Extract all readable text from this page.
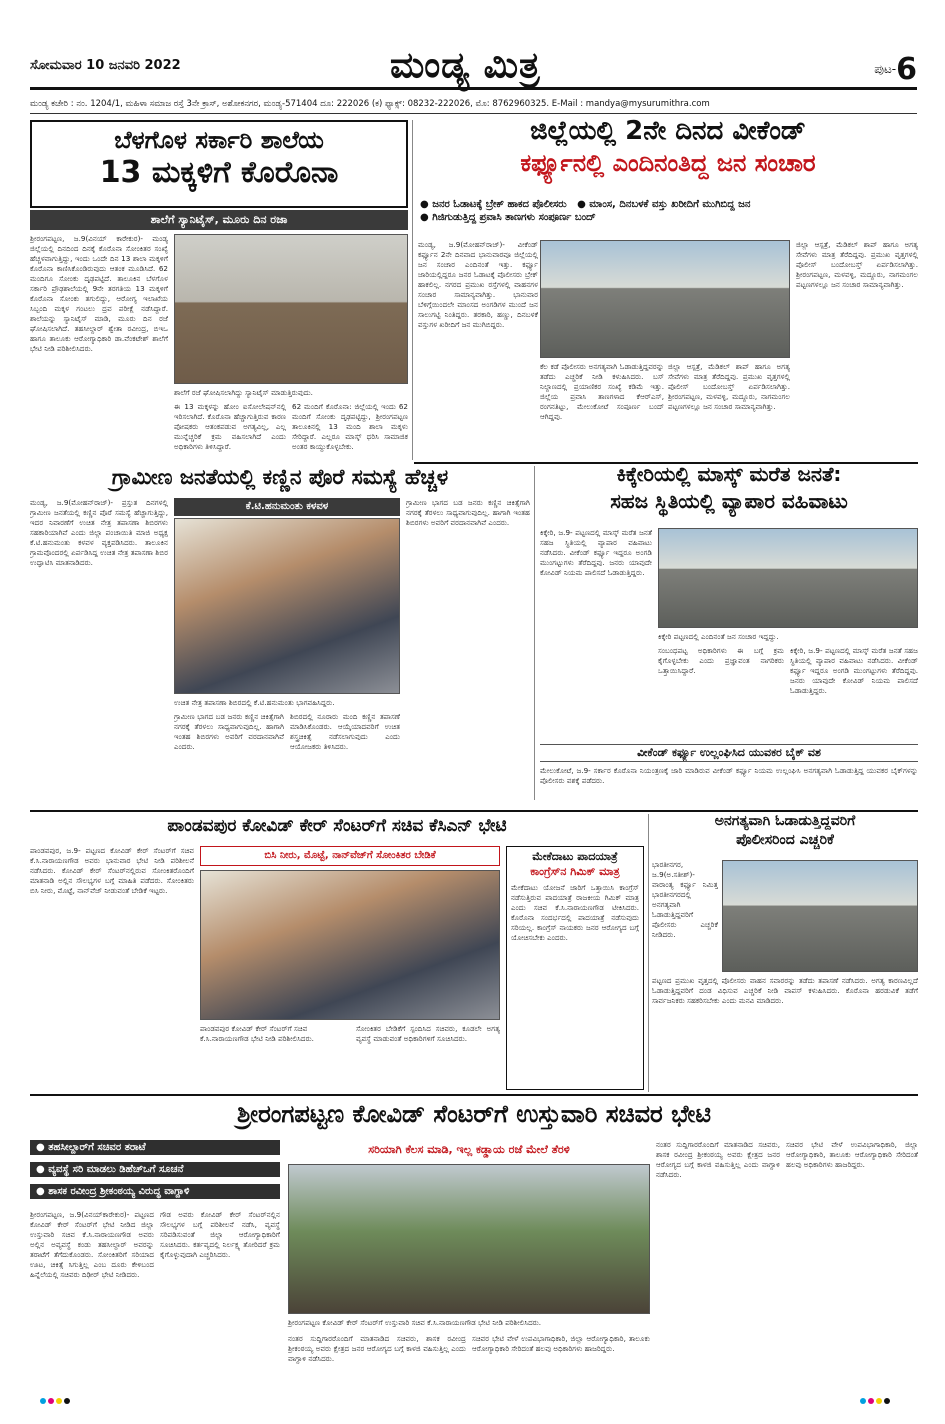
ಸೋಮವಾರ 10 ಜನವರಿ 2022	ಮಂಡ್ಯ ಮಿತ್ರ	ಪುಟ-6
ಮಂಡ್ಯ ಕಚೇರಿ : ನಂ. 1204/1, ಮಹಿಳಾ ಸಮಾಜ ರಸ್ತೆ 3ನೇ ಕ್ರಾಸ್, ಅಶೋಕನಗರ, ಮಂಡ್ಯ-571404 ದೂ: 222026 (ಕ) ಫ್ಯಾಕ್ಸ್: 08232-222026, ಮೊ: 8762960325. E-Mail : mandya@mysurumithra.com
ಬೆಳಗೊಳ ಸರ್ಕಾರಿ ಶಾಲೆಯ
13 ಮಕ್ಕಳಿಗೆ ಕೊರೊನಾ
ಶಾಲೆಗೆ ಸ್ಯಾನಿಟೈಸ್, ಮೂರು ದಿನ ರಜಾ
ಶ್ರೀರಂಗಪಟ್ಟಣ, ಜ.9(ವಿನಯ್ ಕಾರೇಕುರ)- ಮಂಡ್ಯ ಜಿಲ್ಲೆಯಲ್ಲಿ ದಿನದಿಂದ ದಿನಕ್ಕೆ ಕೊರೊನಾ ಸೋಂಕಿತರ ಸಂಖ್ಯೆ ಹೆಚ್ಚಳವಾಗುತ್ತಿದ್ದು, ಇಂದು ಒಂದೇ ದಿನ 13 ಶಾಲಾ ಮಕ್ಕಳಿಗೆ ಕೊರೊನಾ ಕಾಣಿಸಿಕೊಂಡಿರುವುದು ಆತಂಕ ಮೂಡಿಸಿದೆ. 62 ಮಂದಿಗೂ ಸೋಂಕು ದೃಢಪಟ್ಟಿದೆ. ತಾಲೂಕಿನ ಬೆಳಗೊಳ ಸರ್ಕಾರಿ ಪ್ರೌಢಶಾಲೆಯಲ್ಲಿ 9ನೇ ತರಗತಿಯ 13 ಮಕ್ಕಳಿಗೆ ಕೊರೊನಾ ಸೋಂಕು ತಗುಲಿದ್ದು, ಆರೋಗ್ಯ ಇಲಾಖೆಯ ಸಿಬ್ಬಂದಿ ಮಕ್ಕಳ ಗಂಟಲು ದ್ರವ ಪರೀಕ್ಷೆ ನಡೆಸಿದ್ದಾರೆ. ಶಾಲೆಯನ್ನು ಸ್ಯಾನಿಟೈಸ್ ಮಾಡಿ, ಮೂರು ದಿನ ರಜೆ ಘೋಷಿಸಲಾಗಿದೆ. ತಹಸೀಲ್ದಾರ್ ಶ್ವೇತಾ ರವೀಂದ್ರ, ಬಿಇಒ ಹಾಗೂ ತಾಲೂಕು ಆರೋಗ್ಯಾಧಿಕಾರಿ ಡಾ.ವೆಂಕಟೇಶ್ ಶಾಲೆಗೆ ಭೇಟಿ ನೀಡಿ ಪರಿಶೀಲಿಸಿದರು.
ಶಾಲೆಗೆ ರಜೆ ಘೋಷಿಸಲಾಗಿದ್ದು ಸ್ಯಾನಿಟೈಸ್ ಮಾಡುತ್ತಿರುವುದು.
ಈ 13 ಮಕ್ಕಳನ್ನು ಹೋಂ ಐಸೋಲೇಷನ್‌ನಲ್ಲಿ ಇರಿಸಲಾಗಿದೆ. ಕೊರೊನಾ ಹೆಚ್ಚಾಗುತ್ತಿರುವ ಕಾರಣ ಪೋಷಕರು ಆತಂಕಪಡುವ ಅಗತ್ಯವಿಲ್ಲ, ಎಲ್ಲ ಮುನ್ನೆಚ್ಚರಿಕೆ ಕ್ರಮ ವಹಿಸಲಾಗಿದೆ ಎಂದು ಅಧಿಕಾರಿಗಳು ತಿಳಿಸಿದ್ದಾರೆ.
62 ಮಂದಿಗೆ ಕೊರೊನಾ: ಜಿಲ್ಲೆಯಲ್ಲಿ ಇಂದು 62 ಮಂದಿಗೆ ಸೋಂಕು ದೃಢಪಟ್ಟಿದ್ದು, ಶ್ರೀರಂಗಪಟ್ಟಣ ತಾಲೂಕಿನಲ್ಲಿ 13 ಮಂದಿ ಶಾಲಾ ಮಕ್ಕಳು ಸೇರಿದ್ದಾರೆ. ಎಲ್ಲರೂ ಮಾಸ್ಕ್ ಧರಿಸಿ ಸಾಮಾಜಿಕ ಅಂತರ ಕಾಯ್ದುಕೊಳ್ಳಬೇಕು.
ಜಿಲ್ಲೆಯಲ್ಲಿ 2ನೇ ದಿನದ ವೀಕೆಂಡ್
ಕರ್ಫ್ಯೂನಲ್ಲಿ ಎಂದಿನಂತಿದ್ದ ಜನ ಸಂಚಾರ
● ಜನರ ಓಡಾಟಕ್ಕೆ ಬ್ರೇಕ್ ಹಾಕದ ಪೊಲೀಸರು   ● ಮಾಂಸ, ದಿನಬಳಕೆ ವಸ್ತು ಖರೀದಿಗೆ ಮುಗಿಬಿದ್ದ ಜನ
● ಗಿಜಿಗುಡುತ್ತಿದ್ದ ಪ್ರವಾಸಿ ತಾಣಗಳು ಸಂಪೂರ್ಣ ಬಂದ್
ಮಂಡ್ಯ, ಜ.9(ಮೋಹನ್‌ರಾಜ್)- ವೀಕೆಂಡ್ ಕರ್ಫ್ಯೂನ 2ನೇ ದಿನವಾದ ಭಾನುವಾರವೂ ಜಿಲ್ಲೆಯಲ್ಲಿ ಜನ ಸಂಚಾರ ಎಂದಿನಂತೆ ಇತ್ತು. ಕರ್ಫ್ಯೂ ಜಾರಿಯಲ್ಲಿದ್ದರೂ ಜನರ ಓಡಾಟಕ್ಕೆ ಪೊಲೀಸರು ಬ್ರೇಕ್ ಹಾಕಲಿಲ್ಲ. ನಗರದ ಪ್ರಮುಖ ರಸ್ತೆಗಳಲ್ಲಿ ವಾಹನಗಳ ಸಂಚಾರ ಸಾಮಾನ್ಯವಾಗಿತ್ತು. ಭಾನುವಾರ ಬೆಳಿಗ್ಗೆಯಿಂದಲೇ ಮಾಂಸದ ಅಂಗಡಿಗಳ ಮುಂದೆ ಜನ ಸಾಲುಗಟ್ಟಿ ನಿಂತಿದ್ದರು. ತರಕಾರಿ, ಹಣ್ಣು, ದಿನಬಳಕೆ ವಸ್ತುಗಳ ಖರೀದಿಗೆ ಜನ ಮುಗಿಬಿದ್ದರು.
ಕೆಲ ಕಡೆ ಪೊಲೀಸರು ಅನಗತ್ಯವಾಗಿ ಓಡಾಡುತ್ತಿದ್ದವರನ್ನು ತಡೆದು ಎಚ್ಚರಿಕೆ ನೀಡಿ ಕಳುಹಿಸಿದರು. ಬಸ್ ನಿಲ್ದಾಣದಲ್ಲಿ ಪ್ರಯಾಣಿಕರ ಸಂಖ್ಯೆ ಕಡಿಮೆ ಇತ್ತು. ಜಿಲ್ಲೆಯ ಪ್ರವಾಸಿ ತಾಣಗಳಾದ ಕೆಆರ್‌ಎಸ್, ರಂಗನತಿಟ್ಟು, ಮೇಲುಕೋಟೆ ಸಂಪೂರ್ಣ ಬಂದ್ ಆಗಿದ್ದವು.
ಜಿಲ್ಲಾ ಆಸ್ಪತ್ರೆ, ಮೆಡಿಕಲ್ ಶಾಪ್ ಹಾಗೂ ಅಗತ್ಯ ಸೇವೆಗಳು ಮಾತ್ರ ತೆರೆದಿದ್ದವು. ಪ್ರಮುಖ ವೃತ್ತಗಳಲ್ಲಿ ಪೊಲೀಸ್ ಬಂದೋಬಸ್ತ್ ಏರ್ಪಡಿಸಲಾಗಿತ್ತು. ಶ್ರೀರಂಗಪಟ್ಟಣ, ಮಳವಳ್ಳಿ, ಮದ್ದೂರು, ನಾಗಮಂಗಲ ಪಟ್ಟಣಗಳಲ್ಲೂ ಜನ ಸಂಚಾರ ಸಾಮಾನ್ಯವಾಗಿತ್ತು.
ಜಿಲ್ಲಾ ಆಸ್ಪತ್ರೆ, ಮೆಡಿಕಲ್ ಶಾಪ್ ಹಾಗೂ ಅಗತ್ಯ ಸೇವೆಗಳು ಮಾತ್ರ ತೆರೆದಿದ್ದವು. ಪ್ರಮುಖ ವೃತ್ತಗಳಲ್ಲಿ ಪೊಲೀಸ್ ಬಂದೋಬಸ್ತ್ ಏರ್ಪಡಿಸಲಾಗಿತ್ತು. ಶ್ರೀರಂಗಪಟ್ಟಣ, ಮಳವಳ್ಳಿ, ಮದ್ದೂರು, ನಾಗಮಂಗಲ ಪಟ್ಟಣಗಳಲ್ಲೂ ಜನ ಸಂಚಾರ ಸಾಮಾನ್ಯವಾಗಿತ್ತು.
ಗ್ರಾಮೀಣ ಜನತೆಯಲ್ಲಿ ಕಣ್ಣಿನ ಪೊರೆ ಸಮಸ್ಯೆ ಹೆಚ್ಚಳ
ಮಂಡ್ಯ, ಜ.9(ಮೋಹನ್‌ರಾಜ್)- ಪ್ರಸ್ತುತ ದಿನಗಳಲ್ಲಿ ಗ್ರಾಮೀಣ ಜನತೆಯಲ್ಲಿ ಕಣ್ಣಿನ ಪೊರೆ ಸಮಸ್ಯೆ ಹೆಚ್ಚಾಗುತ್ತಿದ್ದು, ಇದರ ನಿವಾರಣೆಗೆ ಉಚಿತ ನೇತ್ರ ತಪಾಸಣಾ ಶಿಬಿರಗಳು ಸಹಕಾರಿಯಾಗಿವೆ ಎಂದು ಜಿಲ್ಲಾ ಪಂಚಾಯಿತಿ ಮಾಜಿ ಅಧ್ಯಕ್ಷ ಕೆ.ಟಿ.ಹನುಮಂತು ಕಳವಳ ವ್ಯಕ್ತಪಡಿಸಿದರು. ತಾಲೂಕಿನ ಗ್ರಾಮವೊಂದರಲ್ಲಿ ಏರ್ಪಡಿಸಿದ್ದ ಉಚಿತ ನೇತ್ರ ತಪಾಸಣಾ ಶಿಬಿರ ಉದ್ಘಾಟಿಸಿ ಮಾತನಾಡಿದರು.
ಕೆ.ಟಿ.ಹನುಮಂತು ಕಳವಳ
ಉಚಿತ ನೇತ್ರ ತಪಾಸಣಾ ಶಿಬಿರದಲ್ಲಿ ಕೆ.ಟಿ.ಹನುಮಂತು ಭಾಗವಹಿಸಿದ್ದರು.
ಗ್ರಾಮೀಣ ಭಾಗದ ಬಡ ಜನರು ಕಣ್ಣಿನ ಚಿಕಿತ್ಸೆಗಾಗಿ ನಗರಕ್ಕೆ ತೆರಳಲು ಸಾಧ್ಯವಾಗುವುದಿಲ್ಲ. ಹಾಗಾಗಿ ಇಂತಹ ಶಿಬಿರಗಳು ಅವರಿಗೆ ವರದಾನವಾಗಿವೆ ಎಂದರು.
ಶಿಬಿರದಲ್ಲಿ ನೂರಾರು ಮಂದಿ ಕಣ್ಣಿನ ತಪಾಸಣೆ ಮಾಡಿಸಿಕೊಂಡರು. ಆಯ್ಕೆಯಾದವರಿಗೆ ಉಚಿತ ಶಸ್ತ್ರಚಿಕಿತ್ಸೆ ನಡೆಸಲಾಗುವುದು ಎಂದು ಆಯೋಜಕರು ತಿಳಿಸಿದರು.
ಗ್ರಾಮೀಣ ಭಾಗದ ಬಡ ಜನರು ಕಣ್ಣಿನ ಚಿಕಿತ್ಸೆಗಾಗಿ ನಗರಕ್ಕೆ ತೆರಳಲು ಸಾಧ್ಯವಾಗುವುದಿಲ್ಲ. ಹಾಗಾಗಿ ಇಂತಹ ಶಿಬಿರಗಳು ಅವರಿಗೆ ವರದಾನವಾಗಿವೆ ಎಂದರು.
ಕಿಕ್ಕೇರಿಯಲ್ಲಿ ಮಾಸ್ಕ್ ಮರೆತ ಜನತೆ:
ಸಹಜ ಸ್ಥಿತಿಯಲ್ಲಿ ವ್ಯಾಪಾರ ವಹಿವಾಟು
ಕಿಕ್ಕೇರಿ, ಜ.9- ಪಟ್ಟಣದಲ್ಲಿ ಮಾಸ್ಕ್ ಮರೆತ ಜನತೆ ಸಹಜ ಸ್ಥಿತಿಯಲ್ಲಿ ವ್ಯಾಪಾರ ವಹಿವಾಟು ನಡೆಸಿದರು. ವೀಕೆಂಡ್ ಕರ್ಫ್ಯೂ ಇದ್ದರೂ ಅಂಗಡಿ ಮುಂಗಟ್ಟುಗಳು ತೆರೆದಿದ್ದವು. ಜನರು ಯಾವುದೇ ಕೋವಿಡ್ ನಿಯಮ ಪಾಲಿಸದೆ ಓಡಾಡುತ್ತಿದ್ದರು.
ಕಿಕ್ಕೇರಿ ಪಟ್ಟಣದಲ್ಲಿ ಎಂದಿನಂತೆ ಜನ ಸಂಚಾರ ಇದ್ದದ್ದು.
ಸಂಬಂಧಪಟ್ಟ ಅಧಿಕಾರಿಗಳು ಈ ಬಗ್ಗೆ ಕ್ರಮ ಕೈಗೊಳ್ಳಬೇಕು ಎಂದು ಪ್ರಜ್ಞಾವಂತ ನಾಗರಿಕರು ಒತ್ತಾಯಿಸಿದ್ದಾರೆ.
ಕಿಕ್ಕೇರಿ, ಜ.9- ಪಟ್ಟಣದಲ್ಲಿ ಮಾಸ್ಕ್ ಮರೆತ ಜನತೆ ಸಹಜ ಸ್ಥಿತಿಯಲ್ಲಿ ವ್ಯಾಪಾರ ವಹಿವಾಟು ನಡೆಸಿದರು. ವೀಕೆಂಡ್ ಕರ್ಫ್ಯೂ ಇದ್ದರೂ ಅಂಗಡಿ ಮುಂಗಟ್ಟುಗಳು ತೆರೆದಿದ್ದವು. ಜನರು ಯಾವುದೇ ಕೋವಿಡ್ ನಿಯಮ ಪಾಲಿಸದೆ ಓಡಾಡುತ್ತಿದ್ದರು.
ವೀಕೆಂಡ್ ಕರ್ಫ್ಯೂ ಉಲ್ಲಂಘಿಸಿದ ಯುವಕರ ಬೈಕ್ ವಶ
ಮೇಲುಕೋಟೆ, ಜ.9- ಸರ್ಕಾರ ಕೊರೊನಾ ನಿಯಂತ್ರಣಕ್ಕೆ ಜಾರಿ ಮಾಡಿರುವ ವೀಕೆಂಡ್ ಕರ್ಫ್ಯೂ ನಿಯಮ ಉಲ್ಲಂಘಿಸಿ ಅನಗತ್ಯವಾಗಿ ಓಡಾಡುತ್ತಿದ್ದ ಯುವಕರ ಬೈಕ್‌ಗಳನ್ನು ಪೊಲೀಸರು ವಶಕ್ಕೆ ಪಡೆದರು.
ಪಾಂಡವಪುರ ಕೋವಿಡ್ ಕೇರ್ ಸೆಂಟರ್‌ಗೆ ಸಚಿವ ಕೆಸಿಎನ್ ಭೇಟಿ
ಪಾಂಡವಪುರ, ಜ.9- ಪಟ್ಟಣದ ಕೋವಿಡ್ ಕೇರ್ ಸೆಂಟರ್‌ಗೆ ಸಚಿವ ಕೆ.ಸಿ.ನಾರಾಯಣಗೌಡ ಅವರು ಭಾನುವಾರ ಭೇಟಿ ನೀಡಿ ಪರಿಶೀಲನೆ ನಡೆಸಿದರು. ಕೋವಿಡ್ ಕೇರ್ ಸೆಂಟರ್‌ನಲ್ಲಿರುವ ಸೋಂಕಿತರೊಂದಿಗೆ ಮಾತನಾಡಿ ಅಲ್ಲಿನ ಸೌಲಭ್ಯಗಳ ಬಗ್ಗೆ ಮಾಹಿತಿ ಪಡೆದರು. ಸೋಂಕಿತರು ಬಿಸಿ ನೀರು, ಮೊಟ್ಟೆ, ನಾನ್‌ವೆಜ್ ನೀಡುವಂತೆ ಬೇಡಿಕೆ ಇಟ್ಟರು.
ಬಿಸಿ ನೀರು, ಮೊಟ್ಟೆ, ನಾನ್‌ವೆಜ್‌ಗೆ ಸೋಂಕಿತರ ಬೇಡಿಕೆ
ಪಾಂಡವಪುರ ಕೋವಿಡ್ ಕೇರ್ ಸೆಂಟರ್‌ಗೆ ಸಚಿವ ಕೆ.ಸಿ.ನಾರಾಯಣಗೌಡ ಭೇಟಿ ನೀಡಿ ಪರಿಶೀಲಿಸಿದರು.
ಸೋಂಕಿತರ ಬೇಡಿಕೆಗೆ ಸ್ಪಂದಿಸಿದ ಸಚಿವರು, ಕೂಡಲೇ ಅಗತ್ಯ ವ್ಯವಸ್ಥೆ ಮಾಡುವಂತೆ ಅಧಿಕಾರಿಗಳಿಗೆ ಸೂಚಿಸಿದರು.
ಮೇಕೆದಾಟು ಪಾದಯಾತ್ರೆ
ಕಾಂಗ್ರೆಸ್‌ನ ಗಿಮಿಕ್ ಮಾತ್ರ
ಮೇಕೆದಾಟು ಯೋಜನೆ ಜಾರಿಗೆ ಒತ್ತಾಯಿಸಿ ಕಾಂಗ್ರೆಸ್ ನಡೆಸುತ್ತಿರುವ ಪಾದಯಾತ್ರೆ ರಾಜಕೀಯ ಗಿಮಿಕ್ ಮಾತ್ರ ಎಂದು ಸಚಿವ ಕೆ.ಸಿ.ನಾರಾಯಣಗೌಡ ಟೀಕಿಸಿದರು. ಕೊರೊನಾ ಸಂದರ್ಭದಲ್ಲಿ ಪಾದಯಾತ್ರೆ ನಡೆಸುವುದು ಸರಿಯಲ್ಲ. ಕಾಂಗ್ರೆಸ್ ನಾಯಕರು ಜನರ ಆರೋಗ್ಯದ ಬಗ್ಗೆ ಯೋಚಿಸಬೇಕು ಎಂದರು.
ಅನಗತ್ಯವಾಗಿ ಓಡಾಡುತ್ತಿದ್ದವರಿಗೆ
ಪೊಲೀಸರಿಂದ ಎಚ್ಚರಿಕೆ
ಭಾರತೀನಗರ, ಜ.9(ಅ.ಸತೀಶ್)- ವಾರಾಂತ್ಯ ಕರ್ಫ್ಯೂ ನಿಮಿತ್ತ ಭಾರತೀನಗರದಲ್ಲಿ ಅನಗತ್ಯವಾಗಿ ಓಡಾಡುತ್ತಿದ್ದವರಿಗೆ ಪೊಲೀಸರು ಎಚ್ಚರಿಕೆ ನೀಡಿದರು.
ಪಟ್ಟಣದ ಪ್ರಮುಖ ವೃತ್ತದಲ್ಲಿ ಪೊಲೀಸರು ವಾಹನ ಸವಾರರನ್ನು ತಡೆದು ತಪಾಸಣೆ ನಡೆಸಿದರು. ಅಗತ್ಯ ಕಾರಣವಿಲ್ಲದೆ ಓಡಾಡುತ್ತಿದ್ದವರಿಗೆ ದಂಡ ವಿಧಿಸುವ ಎಚ್ಚರಿಕೆ ನೀಡಿ ವಾಪಸ್ ಕಳುಹಿಸಿದರು. ಕೊರೊನಾ ಹರಡುವಿಕೆ ತಡೆಗೆ ಸಾರ್ವಜನಿಕರು ಸಹಕರಿಸಬೇಕು ಎಂದು ಮನವಿ ಮಾಡಿದರು.
ಶ್ರೀರಂಗಪಟ್ಟಣ ಕೋವಿಡ್ ಸೆಂಟರ್‌ಗೆ ಉಸ್ತುವಾರಿ ಸಚಿವರ ಭೇಟಿ
● ತಹಸೀಲ್ದಾರ್‌ಗೆ ಸಚಿವರ ತರಾಟೆ
● ವ್ಯವಸ್ಥೆ ಸರಿ ಮಾಡಲು ಡಿಹೆಚ್‌ಒಗೆ ಸೂಚನೆ
● ಶಾಸಕ ರವೀಂದ್ರ ಶ್ರೀಕಂಠಯ್ಯ ವಿರುದ್ಧ ವಾಗ್ದಾಳಿ
ಶ್ರೀರಂಗಪಟ್ಟಣ, ಜ.9(ವಿನಯ್‌ಕಾರೇಕುರ)- ಪಟ್ಟಣದ ಕೋವಿಡ್ ಕೇರ್ ಸೆಂಟರ್‌ಗೆ ಭೇಟಿ ನೀಡಿದ ಜಿಲ್ಲಾ ಉಸ್ತುವಾರಿ ಸಚಿವ ಕೆ.ಸಿ.ನಾರಾಯಣಗೌಡ ಅವರು ಅಲ್ಲಿನ ಅವ್ಯವಸ್ಥೆ ಕಂಡು ತಹಸೀಲ್ದಾರ್ ಅವರನ್ನು ತರಾಟೆಗೆ ತೆಗೆದುಕೊಂಡರು. ಸೋಂಕಿತರಿಗೆ ಸರಿಯಾದ ಊಟ, ಚಿಕಿತ್ಸೆ ಸಿಗುತ್ತಿಲ್ಲ ಎಂಬ ದೂರು ಕೇಳಿಬಂದ ಹಿನ್ನೆಲೆಯಲ್ಲಿ ಸಚಿವರು ದಿಢೀರ್ ಭೇಟಿ ನೀಡಿದರು.
ಗೌಡ ಅವರು ಕೋವಿಡ್ ಕೇರ್ ಸೆಂಟರ್‌ನಲ್ಲಿನ ಸೌಲಭ್ಯಗಳ ಬಗ್ಗೆ ಪರಿಶೀಲನೆ ನಡೆಸಿ, ವ್ಯವಸ್ಥೆ ಸರಿಪಡಿಸುವಂತೆ ಜಿಲ್ಲಾ ಆರೋಗ್ಯಾಧಿಕಾರಿಗೆ ಸೂಚಿಸಿದರು. ಕರ್ತವ್ಯದಲ್ಲಿ ನಿರ್ಲಕ್ಷ್ಯ ತೋರಿದರೆ ಕ್ರಮ ಕೈಗೊಳ್ಳುವುದಾಗಿ ಎಚ್ಚರಿಸಿದರು.
ಸರಿಯಾಗಿ ಕೆಲಸ ಮಾಡಿ, ಇಲ್ಲ ಕಡ್ಡಾಯ ರಜೆ ಮೇಲೆ ತೆರಳಿ
ಶ್ರೀರಂಗಪಟ್ಟಣ ಕೋವಿಡ್ ಕೇರ್ ಸೆಂಟರ್‌ಗೆ ಉಸ್ತುವಾರಿ ಸಚಿವ ಕೆ.ಸಿ.ನಾರಾಯಣಗೌಡ ಭೇಟಿ ನೀಡಿ ಪರಿಶೀಲಿಸಿದರು.
ನಂತರ ಸುದ್ದಿಗಾರರೊಂದಿಗೆ ಮಾತನಾಡಿದ ಸಚಿವರು, ಶಾಸಕ ರವೀಂದ್ರ ಶ್ರೀಕಂಠಯ್ಯ ಅವರು ಕ್ಷೇತ್ರದ ಜನರ ಆರೋಗ್ಯದ ಬಗ್ಗೆ ಕಾಳಜಿ ವಹಿಸುತ್ತಿಲ್ಲ ಎಂದು ವಾಗ್ದಾಳಿ ನಡೆಸಿದರು.
ಸಚಿವರ ಭೇಟಿ ವೇಳೆ ಉಪವಿಭಾಗಾಧಿಕಾರಿ, ಜಿಲ್ಲಾ ಆರೋಗ್ಯಾಧಿಕಾರಿ, ತಾಲೂಕು ಆರೋಗ್ಯಾಧಿಕಾರಿ ಸೇರಿದಂತೆ ಹಲವು ಅಧಿಕಾರಿಗಳು ಹಾಜರಿದ್ದರು.
ನಂತರ ಸುದ್ದಿಗಾರರೊಂದಿಗೆ ಮಾತನಾಡಿದ ಸಚಿವರು, ಶಾಸಕ ರವೀಂದ್ರ ಶ್ರೀಕಂಠಯ್ಯ ಅವರು ಕ್ಷೇತ್ರದ ಜನರ ಆರೋಗ್ಯದ ಬಗ್ಗೆ ಕಾಳಜಿ ವಹಿಸುತ್ತಿಲ್ಲ ಎಂದು ವಾಗ್ದಾಳಿ ನಡೆಸಿದರು.
ಸಚಿವರ ಭೇಟಿ ವೇಳೆ ಉಪವಿಭಾಗಾಧಿಕಾರಿ, ಜಿಲ್ಲಾ ಆರೋಗ್ಯಾಧಿಕಾರಿ, ತಾಲೂಕು ಆರೋಗ್ಯಾಧಿಕಾರಿ ಸೇರಿದಂತೆ ಹಲವು ಅಧಿಕಾರಿಗಳು ಹಾಜರಿದ್ದರು.
